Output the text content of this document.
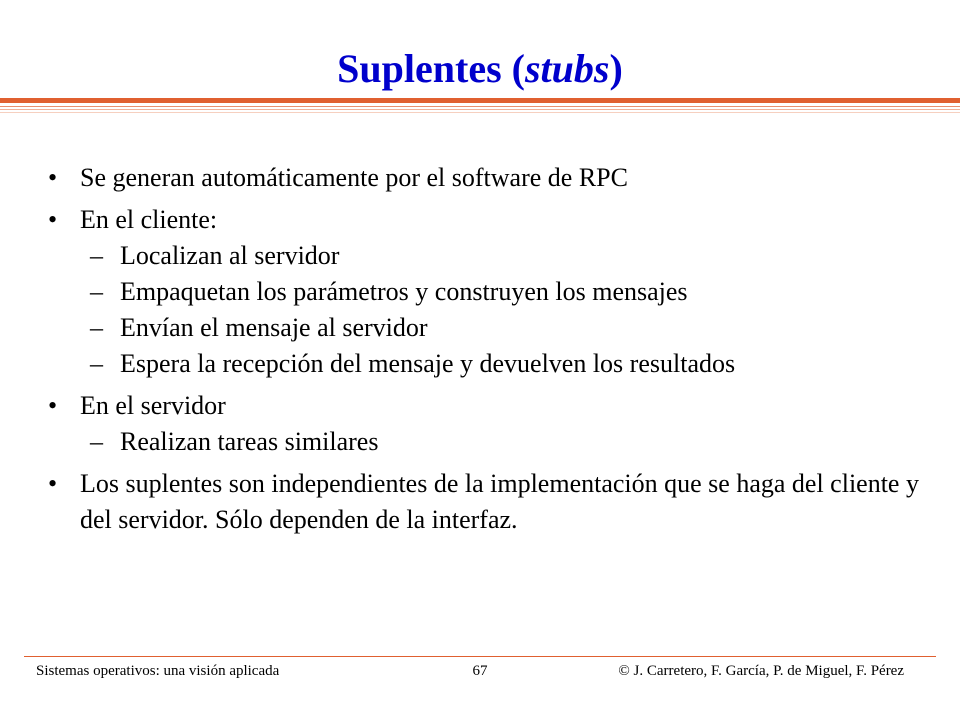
Suplentes (stubs)
• Se generan automáticamente por el software de RPC
• En el cliente:
– Localizan al servidor
– Empaquetan los parámetros y construyen los mensajes
– Envían el mensaje al servidor
– Espera la recepción del mensaje y devuelven los resultados
• En el servidor
– Realizan tareas similares
• Los suplentes son independientes de la implementación que se haga del cliente y del servidor. Sólo dependen de la interfaz.
Sistemas operativos: una visión aplicada	67	© J. Carretero, F. García, P. de Miguel, F. Pérez
